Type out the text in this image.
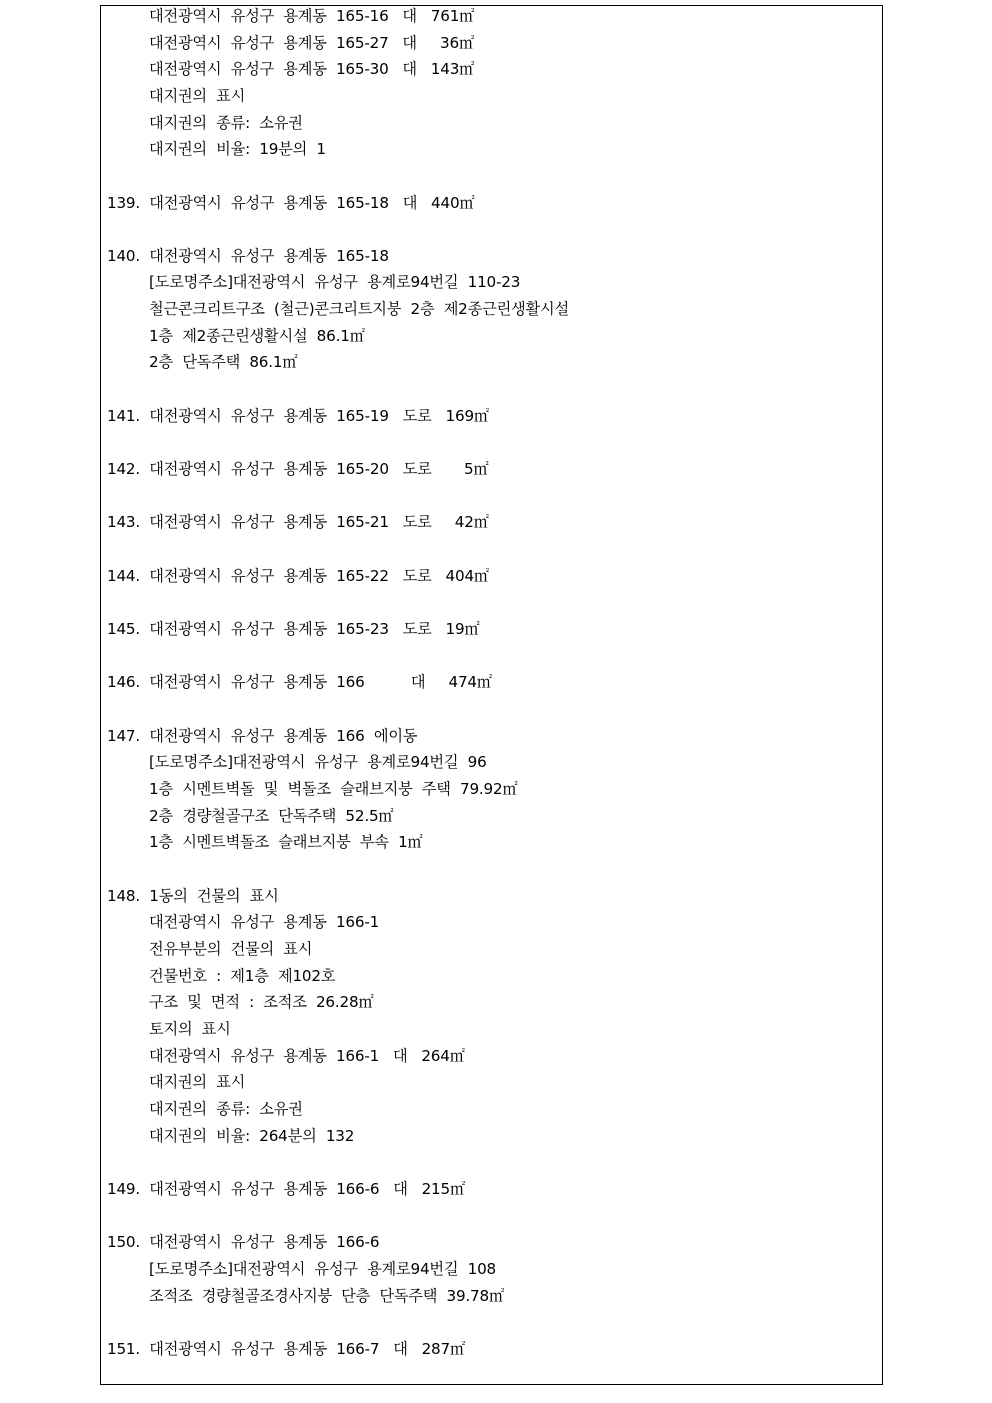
대전광역시  유성구  용계동  165-16   대   761㎡
대전광역시  유성구  용계동  165-27   대     36㎡
대전광역시  유성구  용계동  165-30   대   143㎡
대지권의  표시
대지권의  종류:  소유권
대지권의  비율:  19분의  1
139.  대전광역시  유성구  용계동  165-18   대   440㎡
140.  대전광역시  유성구  용계동  165-18
[도로명주소]대전광역시  유성구  용계로94번길  110-23
철근콘크리트구조  (철근)콘크리트지붕  2층  제2종근린생활시설
1층  제2종근린생활시설  86.1㎡
2층  단독주택  86.1㎡
141.  대전광역시  유성구  용계동  165-19   도로   169㎡
142.  대전광역시  유성구  용계동  165-20   도로       5㎡
143.  대전광역시  유성구  용계동  165-21   도로     42㎡
144.  대전광역시  유성구  용계동  165-22   도로   404㎡
145.  대전광역시  유성구  용계동  165-23   도로   19㎡
146.  대전광역시  유성구  용계동  166          대     474㎡
147.  대전광역시  유성구  용계동  166  에이동
[도로명주소]대전광역시  유성구  용계로94번길  96
1층  시멘트벽돌  및  벽돌조  슬래브지붕  주택  79.92㎡
2층  경량철골구조  단독주택  52.5㎡
1층  시멘트벽돌조  슬래브지붕  부속  1㎡
148.  1동의  건물의  표시
대전광역시  유성구  용계동  166-1
전유부분의  건물의  표시
건물번호  :  제1층  제102호
구조  및  면적  :  조적조  26.28㎡
토지의  표시
대전광역시  유성구  용계동  166-1   대   264㎡
대지권의  표시
대지권의  종류:  소유권
대지권의  비율:  264분의  132
149.  대전광역시  유성구  용계동  166-6   대   215㎡
150.  대전광역시  유성구  용계동  166-6
[도로명주소]대전광역시  유성구  용계로94번길  108
조적조  경량철골조경사지붕  단층  단독주택  39.78㎡
151.  대전광역시  유성구  용계동  166-7   대   287㎡
